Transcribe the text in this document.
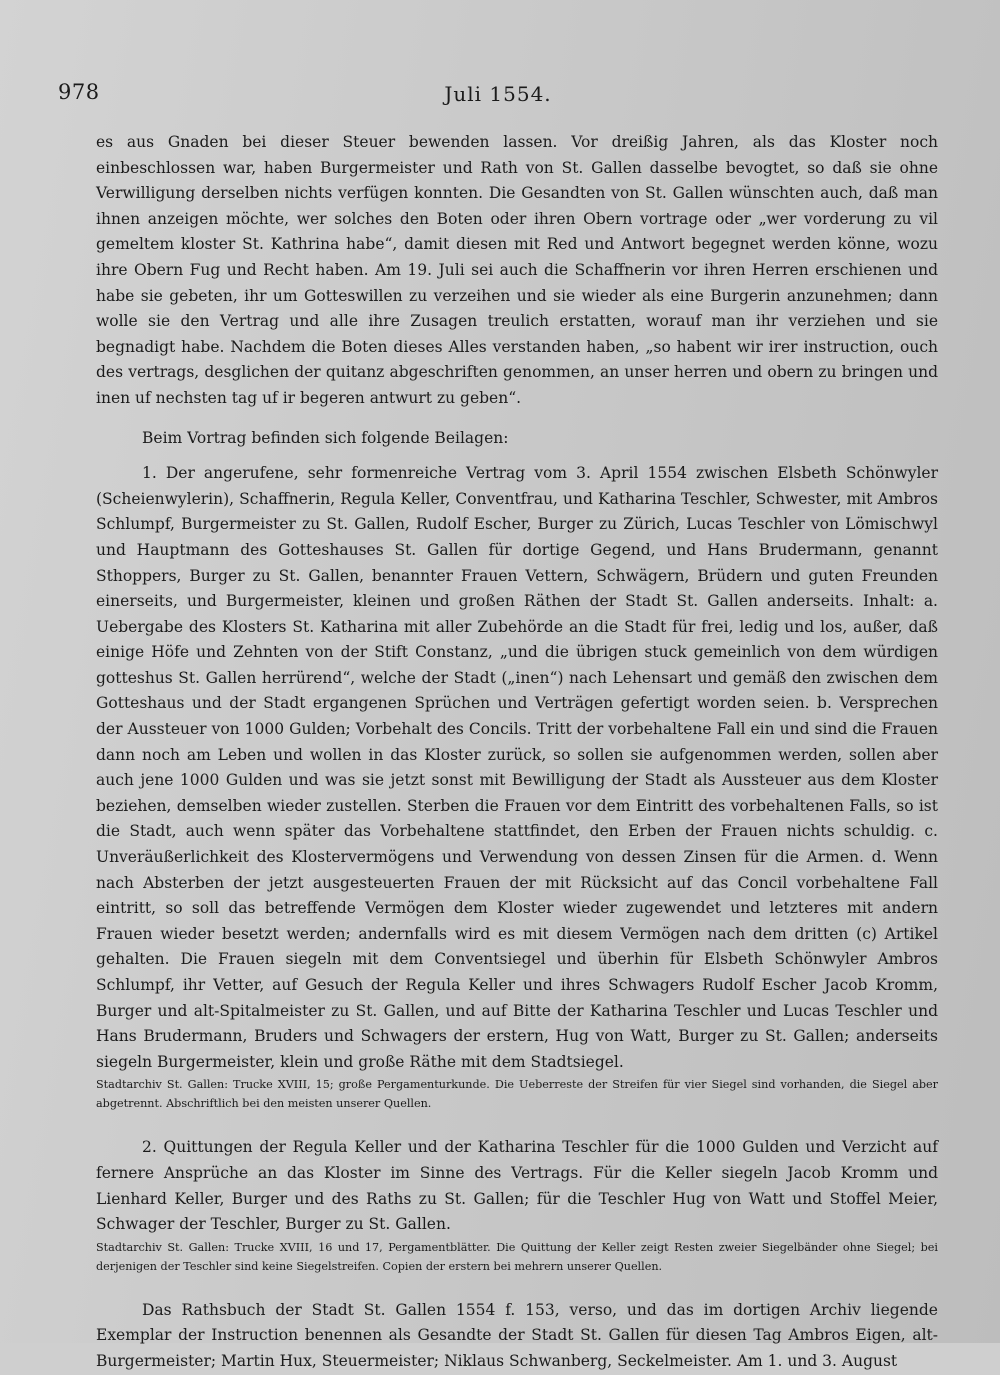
978	Juli 1554.

es aus Gnaden bei dieser Steuer bewenden lassen. Vor dreißig Jahren, als das Kloster noch einbeschlossen war, haben Burgermeister und Rath von St. Gallen dasselbe bevogtet, so daß sie ohne Verwilligung derselben nichts verfügen konnten. Die Gesandten von St. Gallen wünschten auch, daß man ihnen anzeigen möchte, wer solches den Boten oder ihren Obern vortrage oder „wer vorderung zu vil gemeltem kloster St. Kathrina habe“, damit diesen mit Red und Antwort begegnet werden könne, wozu ihre Obern Fug und Recht haben. Am 19. Juli sei auch die Schaffnerin vor ihren Herren erschienen und habe sie gebeten, ihr um Gotteswillen zu verzeihen und sie wieder als eine Burgerin anzunehmen; dann wolle sie den Vertrag und alle ihre Zusagen treulich erstatten, worauf man ihr verziehen und sie begnadigt habe. Nachdem die Boten dieses Alles verstanden haben, „so habent wir irer instruction, ouch des vertrags, desglichen der quitanz abgeschriften genommen, an unser herren und obern zu bringen und inen uf nechsten tag uf ir begeren antwurt zu geben“.

Beim Vortrag befinden sich folgende Beilagen:

1. Der angerufene, sehr formenreiche Vertrag vom 3. April 1554 zwischen Elsbeth Schönwyler (Scheienwylerin), Schaffnerin, Regula Keller, Conventfrau, und Katharina Teschler, Schwester, mit Ambros Schlumpf, Burgermeister zu St. Gallen, Rudolf Escher, Burger zu Zürich, Lucas Teschler von Lömischwyl und Hauptmann des Gotteshauses St. Gallen für dortige Gegend, und Hans Brudermann, genannt Sthoppers, Burger zu St. Gallen, benannter Frauen Vettern, Schwägern, Brüdern und guten Freunden einerseits, und Burgermeister, kleinen und großen Räthen der Stadt St. Gallen anderseits. Inhalt: a. Uebergabe des Klosters St. Katharina mit aller Zubehörde an die Stadt für frei, ledig und los, außer, daß einige Höfe und Zehnten von der Stift Constanz, „und die übrigen stuck gemeinlich von dem würdigen gotteshus St. Gallen herrürend“, welche der Stadt („inen“) nach Lehensart und gemäß den zwischen dem Gotteshaus und der Stadt ergangenen Sprüchen und Verträgen gefertigt worden seien. b. Versprechen der Aussteuer von 1000 Gulden; Vorbehalt des Concils. Tritt der vorbehaltene Fall ein und sind die Frauen dann noch am Leben und wollen in das Kloster zurück, so sollen sie aufgenommen werden, sollen aber auch jene 1000 Gulden und was sie jetzt sonst mit Bewilligung der Stadt als Aussteuer aus dem Kloster beziehen, demselben wieder zustellen. Sterben die Frauen vor dem Eintritt des vorbehaltenen Falls, so ist die Stadt, auch wenn später das Vorbehaltene stattfindet, den Erben der Frauen nichts schuldig. c. Unveräußerlichkeit des Klostervermögens und Verwendung von dessen Zinsen für die Armen. d. Wenn nach Absterben der jetzt ausgesteuerten Frauen der mit Rücksicht auf das Concil vorbehaltene Fall eintritt, so soll das betreffende Vermögen dem Kloster wieder zugewendet und letzteres mit andern Frauen wieder besetzt werden; andernfalls wird es mit diesem Vermögen nach dem dritten (c) Artikel gehalten. Die Frauen siegeln mit dem Conventsiegel und überhin für Elsbeth Schönwyler Ambros Schlumpf, ihr Vetter, auf Gesuch der Regula Keller und ihres Schwagers Rudolf Escher Jacob Kromm, Burger und alt-Spitalmeister zu St. Gallen, und auf Bitte der Katharina Teschler und Lucas Teschler und Hans Brudermann, Bruders und Schwagers der erstern, Hug von Watt, Burger zu St. Gallen; anderseits siegeln Burgermeister, klein und große Räthe mit dem Stadtsiegel.

Stadtarchiv St. Gallen: Trucke XVIII, 15; große Pergamenturkunde. Die Ueberreste der Streifen für vier Siegel sind vorhanden, die Siegel aber abgetrennt. Abschriftlich bei den meisten unserer Quellen.

2. Quittungen der Regula Keller und der Katharina Teschler für die 1000 Gulden und Verzicht auf fernere Ansprüche an das Kloster im Sinne des Vertrags. Für die Keller siegeln Jacob Kromm und Lienhard Keller, Burger und des Raths zu St. Gallen; für die Teschler Hug von Watt und Stoffel Meier, Schwager der Teschler, Burger zu St. Gallen.

Stadtarchiv St. Gallen: Trucke XVIII, 16 und 17, Pergamentblätter. Die Quittung der Keller zeigt Resten zweier Siegelbänder ohne Siegel; bei derjenigen der Teschler sind keine Siegelstreifen. Copien der erstern bei mehrern unserer Quellen.

Das Rathsbuch der Stadt St. Gallen 1554 f. 153, verso, und das im dortigen Archiv liegende Exemplar der Instruction benennen als Gesandte der Stadt St. Gallen für diesen Tag Ambros Eigen, alt-Burgermeister; Martin Hux, Steuermeister; Niklaus Schwanberg, Seckelmeister. Am 1. und 3. August
